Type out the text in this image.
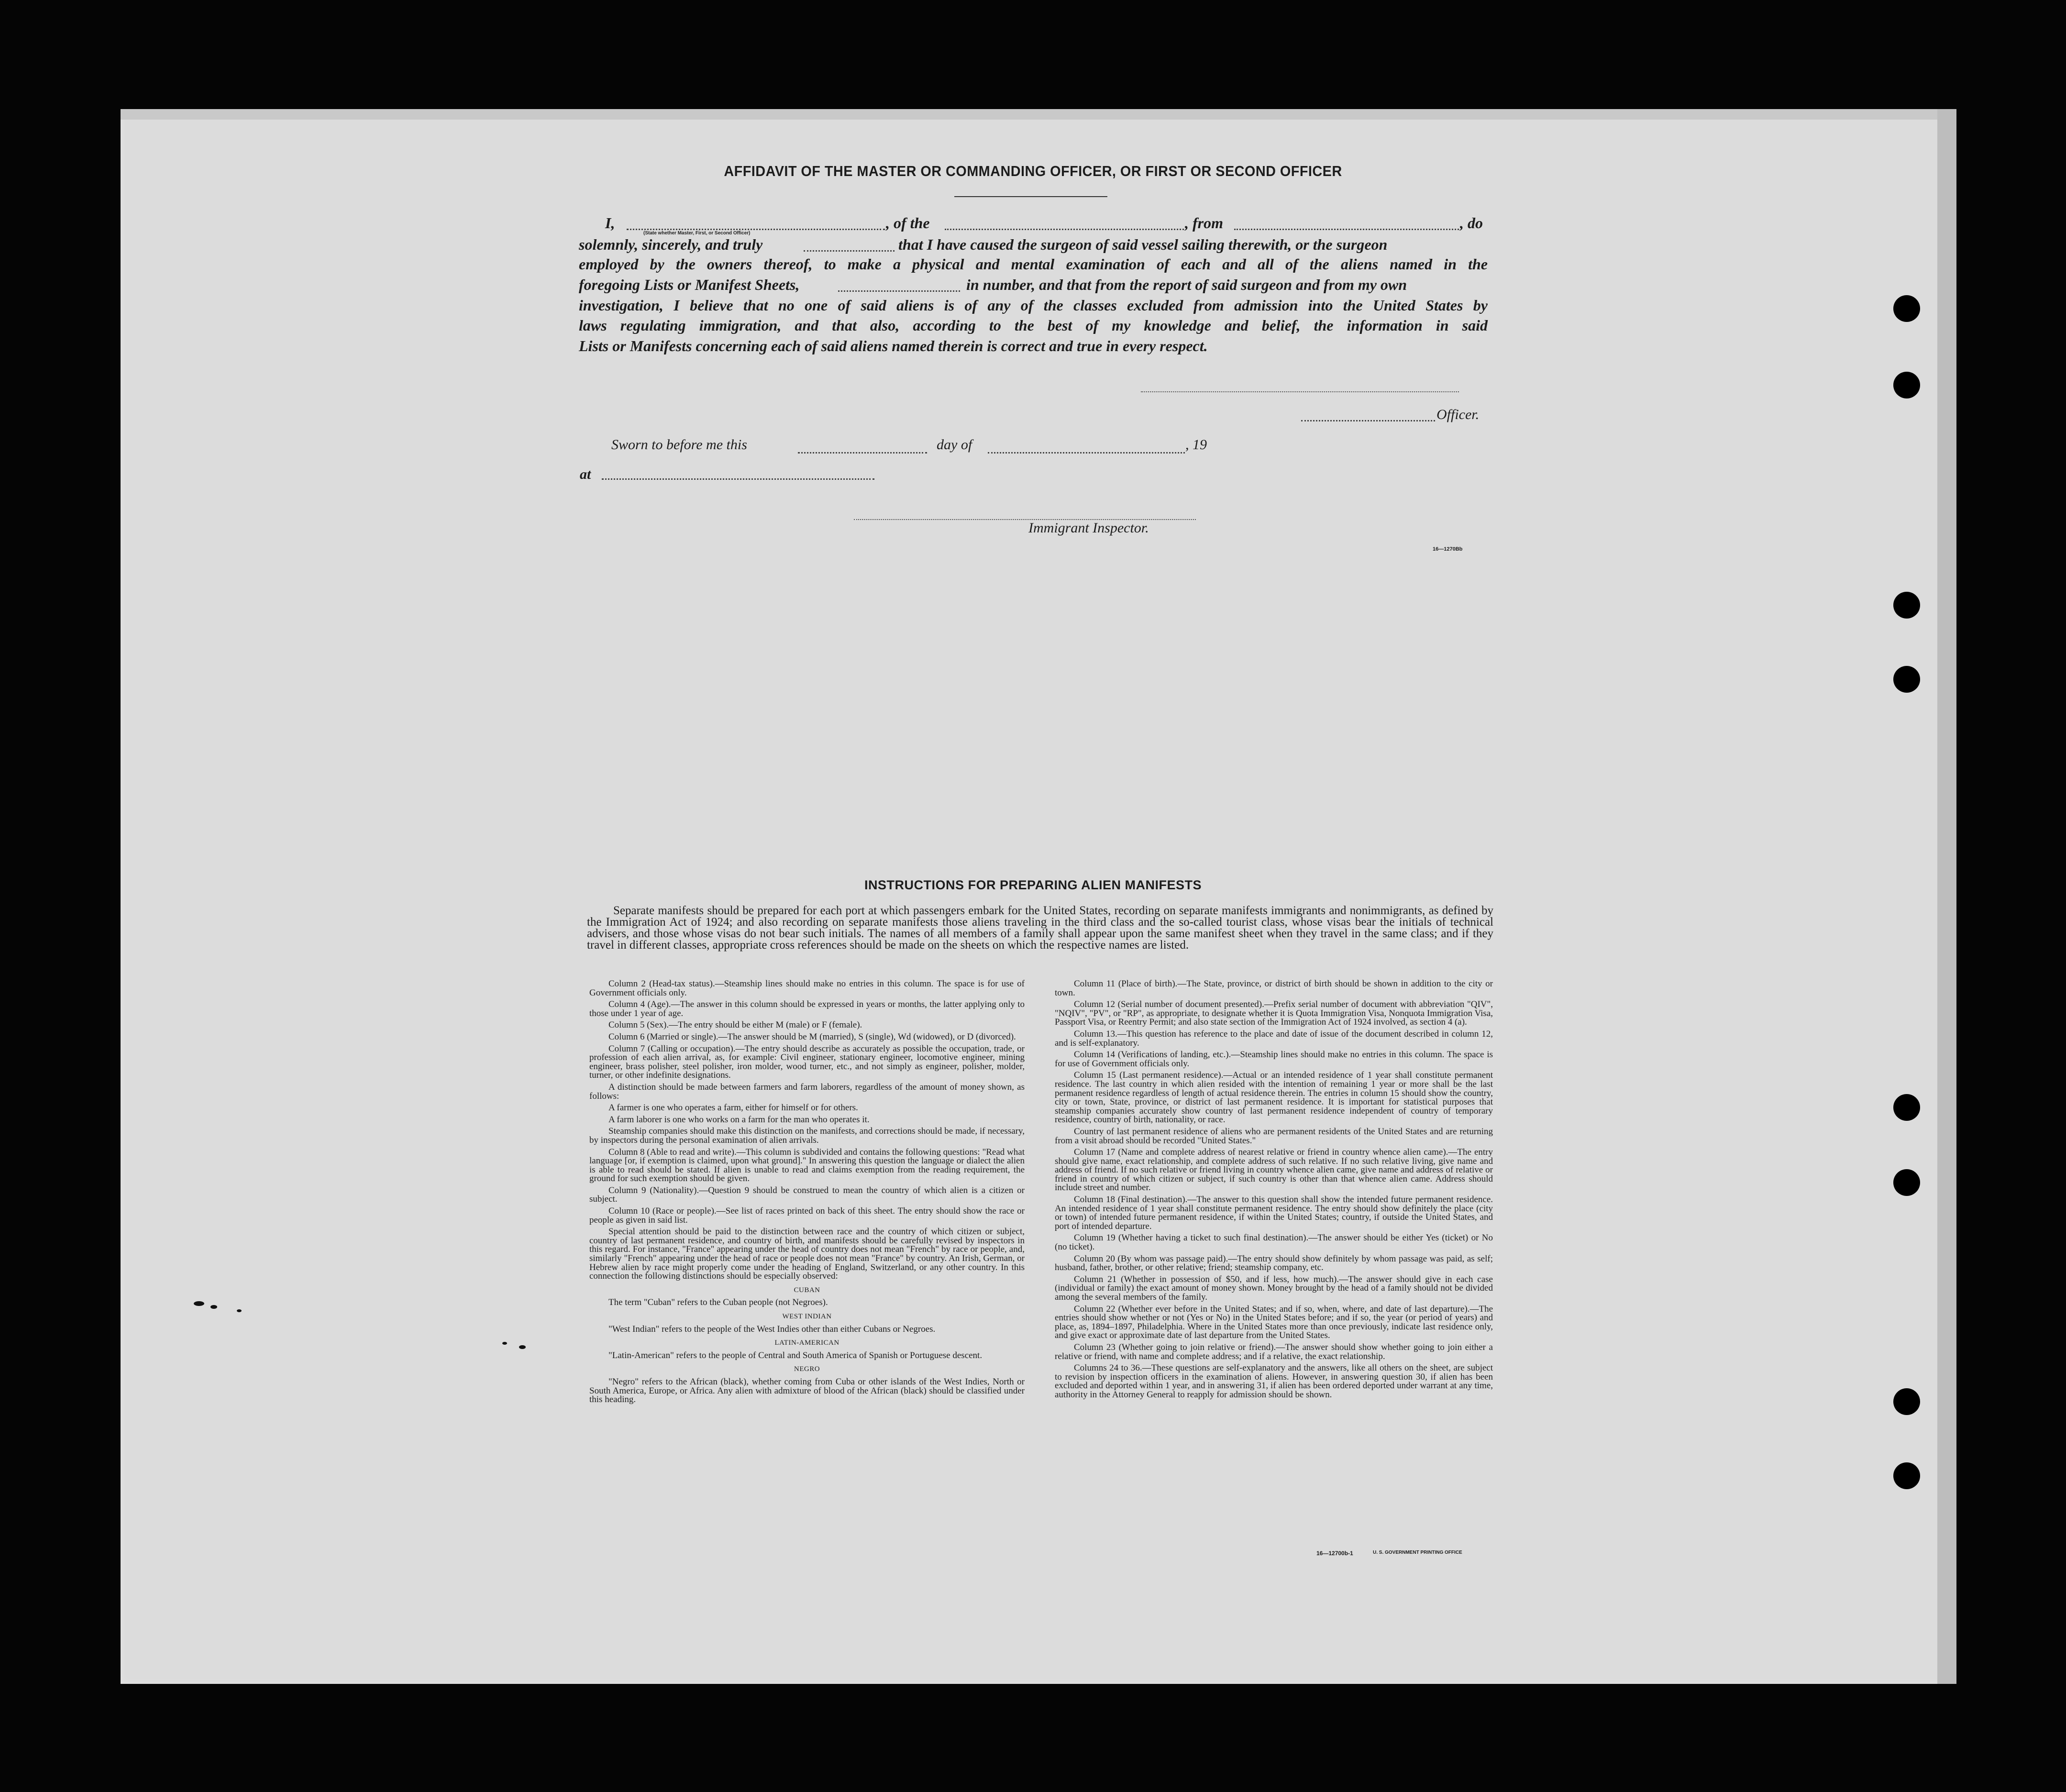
AFFIDAVIT OF THE MASTER OR COMMANDING OFFICER, OR FIRST OR SECOND OFFICER
I,
(State whether Master, First, or Second Officer)
, of the	, from	, do
solemnly, sincerely, and truly	that I have caused the surgeon of said vessel sailing therewith, or the surgeon
employed by the owners thereof, to make a physical and mental examination of each and all of the aliens named in the
foregoing Lists or Manifest Sheets,	in number, and that from the report of said surgeon and from my own
investigation, I believe that no one of said aliens is of any of the classes excluded from admission into the United States by
laws regulating immigration, and that also, according to the best of my knowledge and belief, the information in said
Lists or Manifests concerning each of said aliens named therein is correct and true in every respect.
Officer.
Sworn to before me this	day of	, 19
at
Immigrant Inspector.
16—1270Bb
INSTRUCTIONS FOR PREPARING ALIEN MANIFESTS

Separate manifests should be prepared for each port at which passengers embark for the United States, recording on separate manifests immigrants and nonimmigrants, as defined by the Immigration Act of 1924; and also recording on separate manifests those aliens traveling in the third class and the so-called tourist class, whose visas bear the initials of technical advisers, and those whose visas do not bear such initials. The names of all members of a family shall appear upon the same manifest sheet when they travel in the same class; and if they travel in different classes, appropriate cross references should be made on the sheets on which the respective names are listed.

Column 2 (Head-tax status).—Steamship lines should make no entries in this column. The space is for use of Government officials only.

Column 4 (Age).—The answer in this column should be expressed in years or months, the latter applying only to those under 1 year of age.

Column 5 (Sex).—The entry should be either M (male) or F (female).

Column 6 (Married or single).—The answer should be M (married), S (single), Wd (widowed), or D (divorced).

Column 7 (Calling or occupation).—The entry should describe as accurately as possible the occupation, trade, or profession of each alien arrival, as, for example: Civil engineer, stationary engineer, locomotive engineer, mining engineer, brass polisher, steel polisher, iron molder, wood turner, etc., and not simply as engineer, polisher, molder, turner, or other indefinite designations.

A distinction should be made between farmers and farm laborers, regardless of the amount of money shown, as follows:

A farmer is one who operates a farm, either for himself or for others.

A farm laborer is one who works on a farm for the man who operates it.

Steamship companies should make this distinction on the manifests, and corrections should be made, if necessary, by inspectors during the personal examination of alien arrivals.

Column 8 (Able to read and write).—This column is subdivided and contains the following questions: "Read what language [or, if exemption is claimed, upon what ground]." In answering this question the language or dialect the alien is able to read should be stated. If alien is unable to read and claims exemption from the reading requirement, the ground for such exemption should be given.

Column 9 (Nationality).—Question 9 should be construed to mean the country of which alien is a citizen or subject.

Column 10 (Race or people).—See list of races printed on back of this sheet. The entry should show the race or people as given in said list.

Special attention should be paid to the distinction between race and the country of which citizen or subject, country of last permanent residence, and country of birth, and manifests should be carefully revised by inspectors in this regard. For instance, "France" appearing under the head of country does not mean "French" by race or people, and, similarly "French" appearing under the head of race or people does not mean "France" by country. An Irish, German, or Hebrew alien by race might properly come under the heading of England, Switzerland, or any other country. In this connection the following distinctions should be especially observed:

CUBAN

The term "Cuban" refers to the Cuban people (not Negroes).

WEST INDIAN

"West Indian" refers to the people of the West Indies other than either Cubans or Negroes.

LATIN-AMERICAN

"Latin-American" refers to the people of Central and South America of Spanish or Portuguese descent.

NEGRO

"Negro" refers to the African (black), whether coming from Cuba or other islands of the West Indies, North or South America, Europe, or Africa. Any alien with admixture of blood of the African (black) should be classified under this heading.

Column 11 (Place of birth).—The State, province, or district of birth should be shown in addition to the city or town.

Column 12 (Serial number of document presented).—Prefix serial number of document with abbreviation "QIV", "NQIV", "PV", or "RP", as appropriate, to designate whether it is Quota Immigration Visa, Nonquota Immigration Visa, Passport Visa, or Reentry Permit; and also state section of the Immigration Act of 1924 involved, as section 4 (a).

Column 13.—This question has reference to the place and date of issue of the document described in column 12, and is self-explanatory.

Column 14 (Verifications of landing, etc.).—Steamship lines should make no entries in this column. The space is for use of Government officials only.

Column 15 (Last permanent residence).—Actual or an intended residence of 1 year shall constitute permanent residence. The last country in which alien resided with the intention of remaining 1 year or more shall be the last permanent residence regardless of length of actual residence therein. The entries in column 15 should show the country, city or town, State, province, or district of last permanent residence. It is important for statistical purposes that steamship companies accurately show country of last permanent residence independent of country of temporary residence, country of birth, nationality, or race.

Country of last permanent residence of aliens who are permanent residents of the United States and are returning from a visit abroad should be recorded "United States."

Column 17 (Name and complete address of nearest relative or friend in country whence alien came).—The entry should give name, exact relationship, and complete address of such relative. If no such relative living, give name and address of friend. If no such relative or friend living in country whence alien came, give name and address of relative or friend in country of which citizen or subject, if such country is other than that whence alien came. Address should include street and number.

Column 18 (Final destination).—The answer to this question shall show the intended future permanent residence. An intended residence of 1 year shall constitute permanent residence. The entry should show definitely the place (city or town) of intended future permanent residence, if within the United States; country, if outside the United States, and port of intended departure.

Column 19 (Whether having a ticket to such final destination).—The answer should be either Yes (ticket) or No (no ticket).

Column 20 (By whom was passage paid).—The entry should show definitely by whom passage was paid, as self; husband, father, brother, or other relative; friend; steamship company, etc.

Column 21 (Whether in possession of $50, and if less, how much).—The answer should give in each case (individual or family) the exact amount of money shown. Money brought by the head of a family should not be divided among the several members of the family.

Column 22 (Whether ever before in the United States; and if so, when, where, and date of last departure).—The entries should show whether or not (Yes or No) in the United States before; and if so, the year (or period of years) and place, as, 1894–1897, Philadelphia. Where in the United States more than once previously, indicate last residence only, and give exact or approximate date of last departure from the United States.

Column 23 (Whether going to join relative or friend).—The answer should show whether going to join either a relative or friend, with name and complete address; and if a relative, the exact relationship.

Columns 24 to 36.—These questions are self-explanatory and the answers, like all others on the sheet, are subject to revision by inspection officers in the examination of aliens. However, in answering question 30, if alien has been excluded and deported within 1 year, and in answering 31, if alien has been ordered deported under warrant at any time, authority in the Attorney General to reapply for admission should be shown.

16—12700b-1	U. S. GOVERNMENT PRINTING OFFICE
